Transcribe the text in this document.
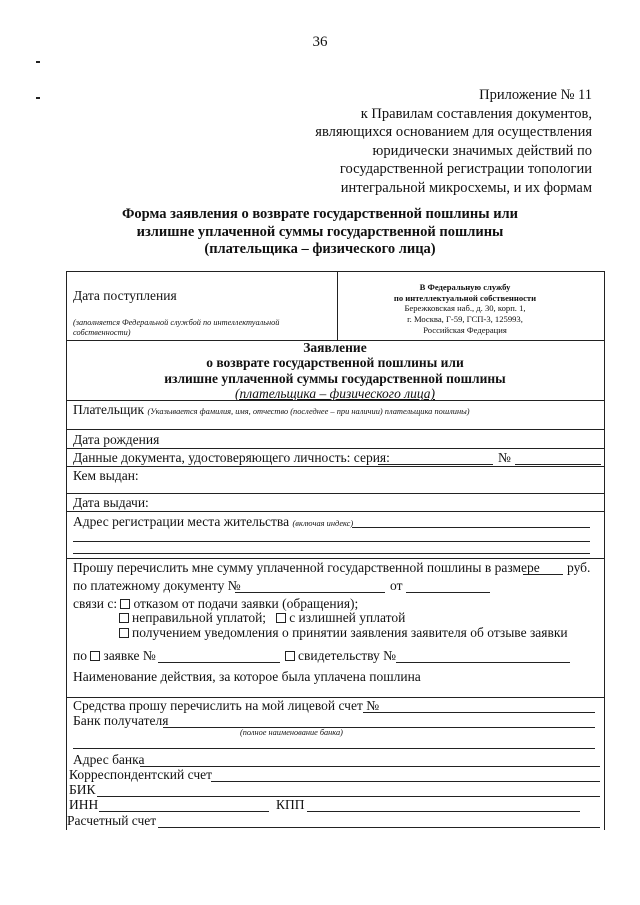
36
Приложение № 11
к Правилам составления документов,
являющихся основанием для осуществления
юридически значимых действий по
государственной регистрации топологии
интегральной микросхемы, и их формам
Форма заявления о возврате государственной пошлины или
излишне уплаченной суммы государственной пошлины
(плательщика – физического лица)
Дата поступления
(заполняется Федеральной службой по интеллектуальной собственности)
В Федеральную службу
по интеллектуальной собственности
Бережковская наб., д. 30, корп. 1,
г. Москва, Г-59, ГСП-3, 125993,
Российская Федерация
Заявление
о возврате государственной пошлины или
излишне уплаченной суммы государственной пошлины
(плательщика – физического лица)
Плательщик (Указывается фамилия, имя, отчество (последнее – при наличии) плательщика пошлины)
Дата рождения
Данные документа, удостоверяющего личность: серия:	№
Кем выдан:
Дата выдачи:
Адрес регистрации места жительства (включая индекс)
Прошу перечислить мне сумму уплаченной государственной пошлины в размере руб.
по платежному документу №	от
связи с: отказом от подачи заявки (обращения);
неправильной уплатой; с излишней уплатой
получением уведомления о принятии заявления заявителя об отзыве заявки
по заявке №	свидетельству №
Наименование действия, за которое была уплачена пошлина
Средства прошу перечислить на мой лицевой счет №
Банк получателя
(полное наименование банка)
Адрес банка
Корреспондентский счет
БИК
ИНН	КПП
Расчетный счет
